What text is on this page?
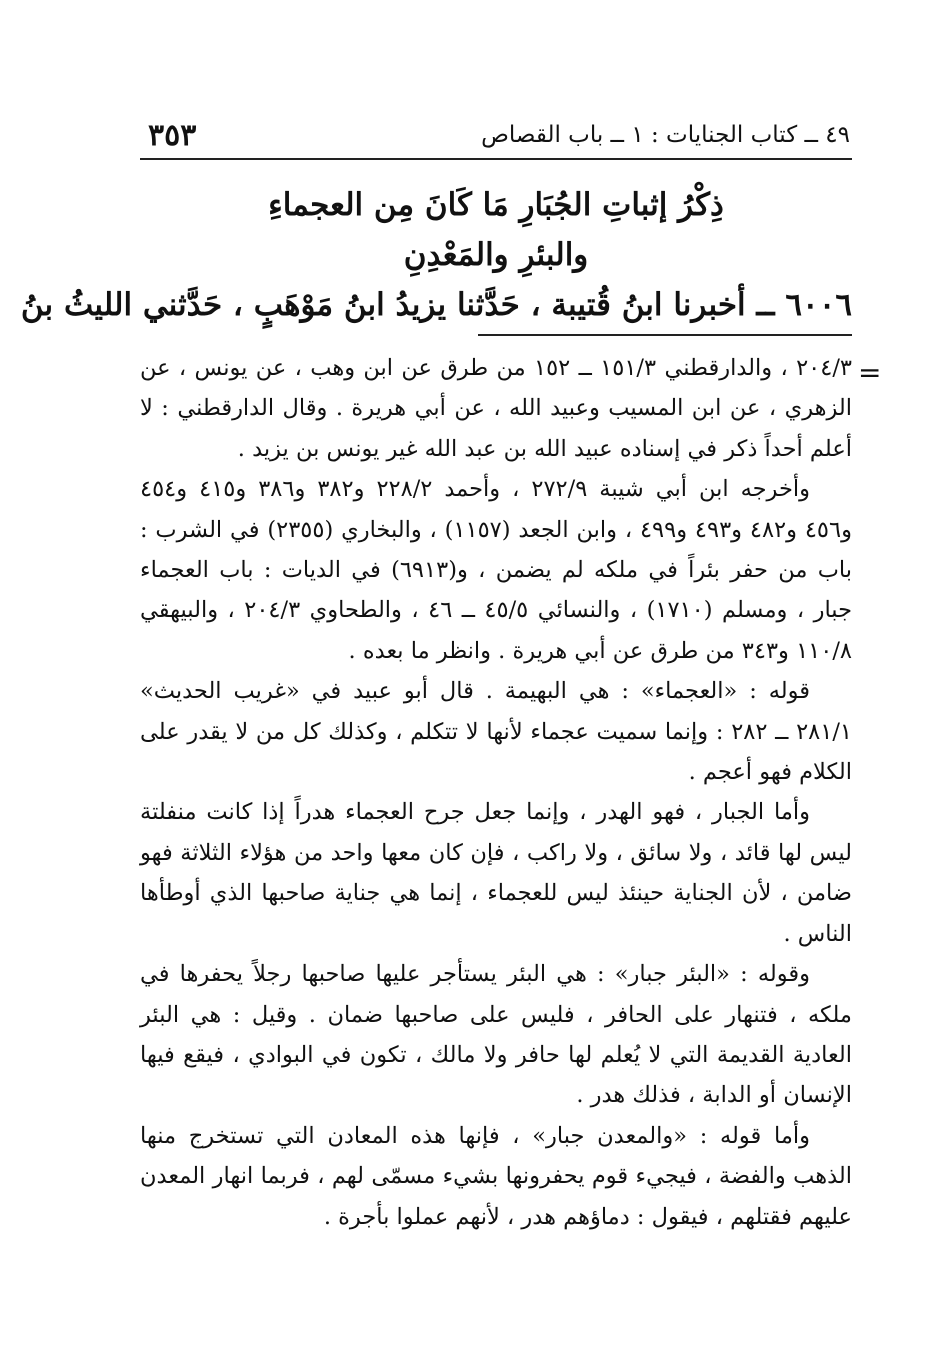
٣٥٣	٤٩ ــ كتاب الجنايات : ١ ــ باب القصاص
ذِكْرُ إثباتِ الجُبَارِ مَا كَانَ مِن العجماءِ
والبئرِ والمَعْدِنِ
٦٠٠٦ ــ أخبرنا ابنُ قُتيبة ، حَدَّثنا يزيدُ ابنُ مَوْهَبٍ ، حَدَّثني الليثُ بنُ
=

٢٠٤/٣ ، والدارقطني ١٥١/٣ ــ ١٥٢ من طرق عن ابن وهب ، عن يونس ، عن الزهري ، عن ابن المسيب وعبيد الله ، عن أبي هريرة . وقال الدارقطني : لا أعلم أحداً ذكر في إسناده عبيد الله بن عبد الله غير يونس بن يزيد .

وأخرجه ابن أبي شيبة ٢٧٢/٩ ، وأحمد ٢٢٨/٢ و٣٨٢ و٣٨٦ و٤١٥ و٤٥٤ و٤٥٦ و٤٨٢ و٤٩٣ و٤٩٩ ، وابن الجعد (١١٥٧) ، والبخاري (٢٣٥٥) في الشرب : باب من حفر بئراً في ملكه لم يضمن ، و(٦٩١٣) في الديات : باب العجماء جبار ، ومسلم (١٧١٠) ، والنسائي ٤٥/٥ ــ ٤٦ ، والطحاوي ٢٠٤/٣ ، والبيهقي ١١٠/٨ و٣٤٣ من طرق عن أبي هريرة . وانظر ما بعده .

قوله : «العجماء» : هي البهيمة . قال أبو عبيد في «غريب الحديث» ٢٨١/١ ــ ٢٨٢ : وإنما سميت عجماء لأنها لا تتكلم ، وكذلك كل من لا يقدر على الكلام فهو أعجم .

وأما الجبار ، فهو الهدر ، وإنما جعل جرح العجماء هدراً إذا كانت منفلتة ليس لها قائد ، ولا سائق ، ولا راكب ، فإن كان معها واحد من هؤلاء الثلاثة فهو ضامن ، لأن الجناية حينئذ ليس للعجماء ، إنما هي جناية صاحبها الذي أوطأها الناس .

وقوله : «البئر جبار» : هي البئر يستأجر عليها صاحبها رجلاً يحفرها في ملكه ، فتنهار على الحافر ، فليس على صاحبها ضمان . وقيل : هي البئر العادية القديمة التي لا يُعلم لها حافر ولا مالك ، تكون في البوادي ، فيقع فيها الإنسان أو الدابة ، فذلك هدر .

وأما قوله : «والمعدن جبار» ، فإنها هذه المعادن التي تستخرج منها الذهب والفضة ، فيجيء قوم يحفرونها بشيء مسمّى لهم ، فربما انهار المعدن عليهم فقتلهم ، فيقول : دماؤهم هدر ، لأنهم عملوا بأجرة .
